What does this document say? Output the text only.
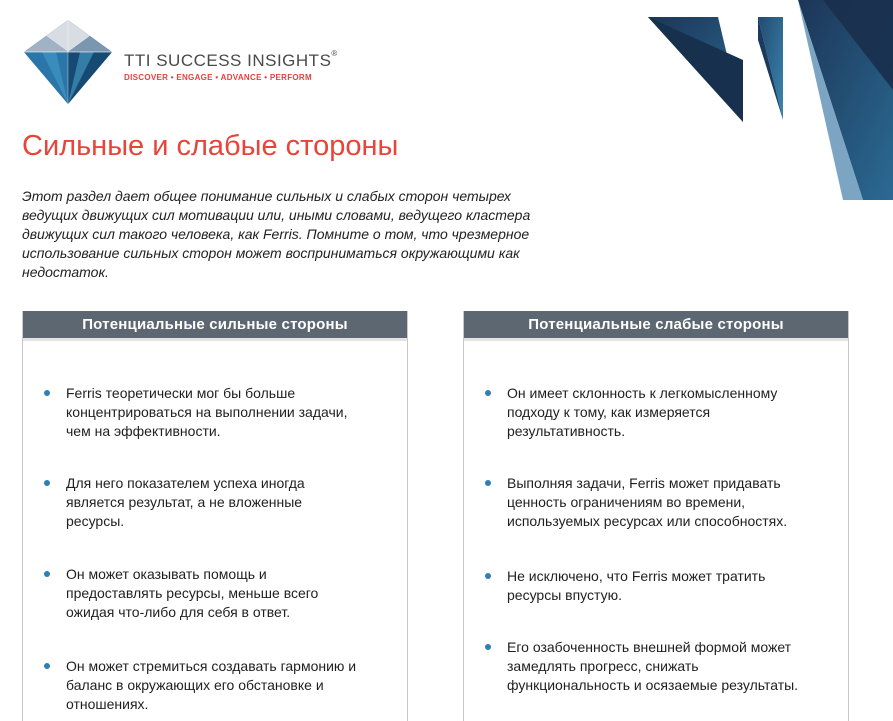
TTI SUCCESS INSIGHTS®
DISCOVER • ENGAGE • ADVANCE • PERFORM
Сильные и слабые стороны

Этот раздел дает общее понимание сильных и слабых сторон четырех
ведущих движущих сил мотивации или, иными словами, ведущего кластера
движущих сил такого человека, как Ferris. Помните о том, что чрезмерное
использование сильных сторон может восприниматься окружающими как
недостаток.

Потенциальные сильные стороны
Ferris теоретически мог бы больше
концентрироваться на выполнении задачи,
чем на эффективности.
Для него показателем успеха иногда
является результат, а не вложенные
ресурсы.
Он может оказывать помощь и
предоставлять ресурсы, меньше всего
ожидая что-либо для себя в ответ.
Он может стремиться создавать гармонию и
баланс в окружающих его обстановке и
отношениях.
Потенциальные слабые стороны
Он имеет склонность к легкомысленному
подходу к тому, как измеряется
результативность.
Выполняя задачи, Ferris может придавать
ценность ограничениям во времени,
используемых ресурсах или способностях.
Не исключено, что Ferris может тратить
ресурсы впустую.
Его озабоченность внешней формой может
замедлять прогресс, снижать
функциональность и осязаемые результаты.
